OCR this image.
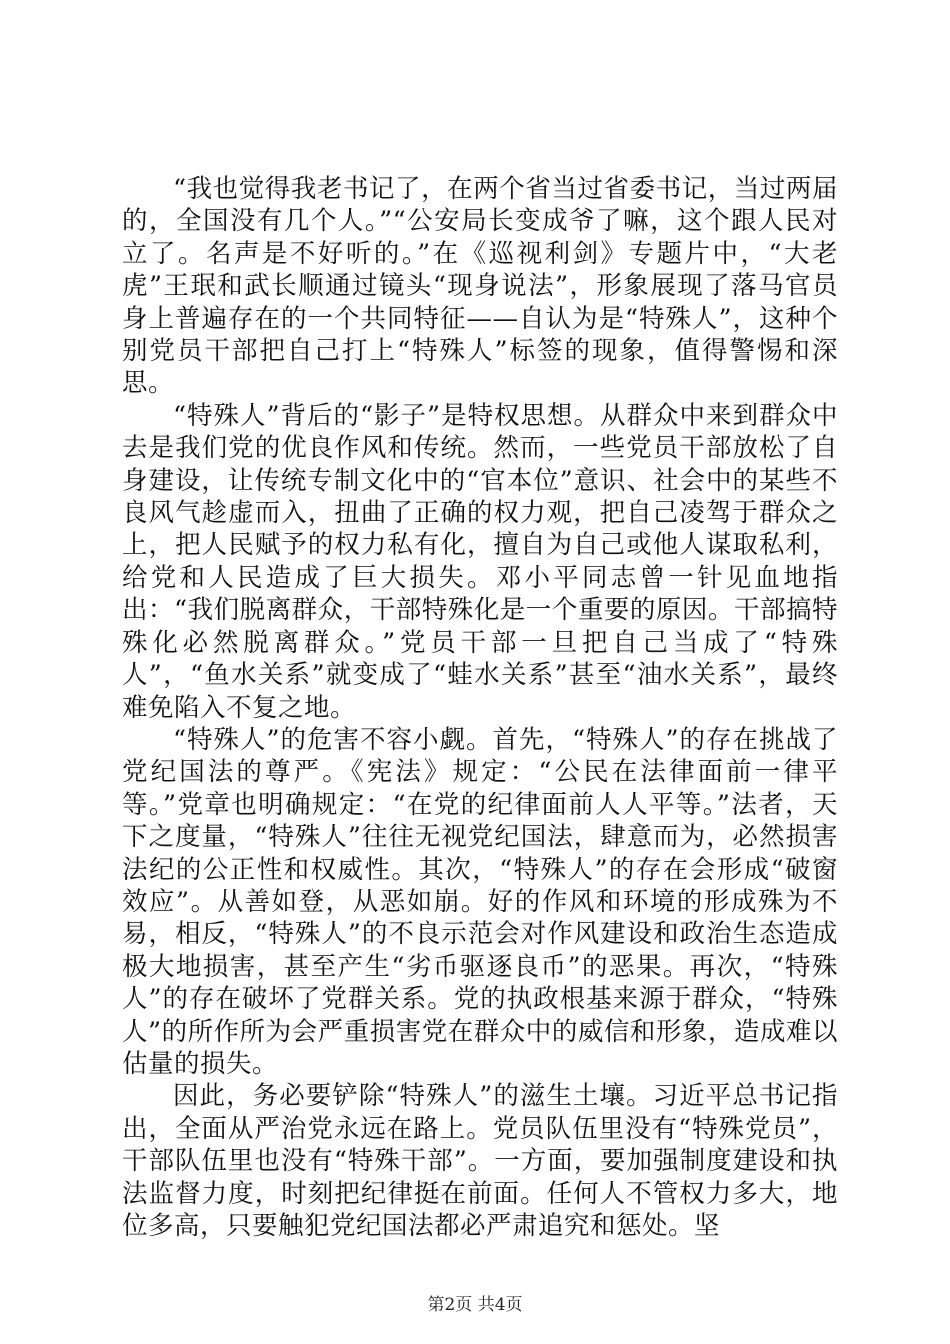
“我也觉得我老书记了，在两个省当过省委书记，当过两届的，全国没有几个人。”“公安局长变成爷了嘛，这个跟人民对立了。名声是不好听的。”在《巡视利剑》专题片中，“大老虎”王珉和武长顺通过镜头“现身说法”，形象展现了落马官员身上普遍存在的一个共同特征——自认为是“特殊人”，这种个别党员干部把自己打上“特殊人”标签的现象，值得警惕和深思。

“特殊人”背后的“影子”是特权思想。从群众中来到群众中去是我们党的优良作风和传统。然而，一些党员干部放松了自身建设，让传统专制文化中的“官本位”意识、社会中的某些不良风气趁虚而入，扭曲了正确的权力观，把自己凌驾于群众之上，把人民赋予的权力私有化，擅自为自己或他人谋取私利，给党和人民造成了巨大损失。邓小平同志曾一针见血地指出：“我们脱离群众，干部特殊化是一个重要的原因。干部搞特殊化必然脱离群众。”党员干部一旦把自己当成了“特殊人”，“鱼水关系”就变成了“蛙水关系”甚至“油水关系”，最终难免陷入不复之地。

“特殊人”的危害不容小觑。首先，“特殊人”的存在挑战了党纪国法的尊严。《宪法》规定：“公民在法律面前一律平等。”党章也明确规定：“在党的纪律面前人人平等。”法者，天下之度量，“特殊人”往往无视党纪国法，肆意而为，必然损害法纪的公正性和权威性。其次，“特殊人”的存在会形成“破窗效应”。从善如登，从恶如崩。好的作风和环境的形成殊为不易，相反，“特殊人”的不良示范会对作风建设和政治生态造成极大地损害，甚至产生“劣币驱逐良币”的恶果。再次，“特殊人”的存在破坏了党群关系。党的执政根基来源于群众，“特殊人”的所作所为会严重损害党在群众中的威信和形象，造成难以估量的损失。

因此，务必要铲除“特殊人”的滋生土壤。习近平总书记指出，全面从严治党永远在路上。党员队伍里没有“特殊党员”，干部队伍里也没有“特殊干部”。一方面，要加强制度建设和执法监督力度，时刻把纪律挺在前面。任何人不管权力多大，地位多高，只要触犯党纪国法都必严肃追究和惩处。坚

第2页 共4页
